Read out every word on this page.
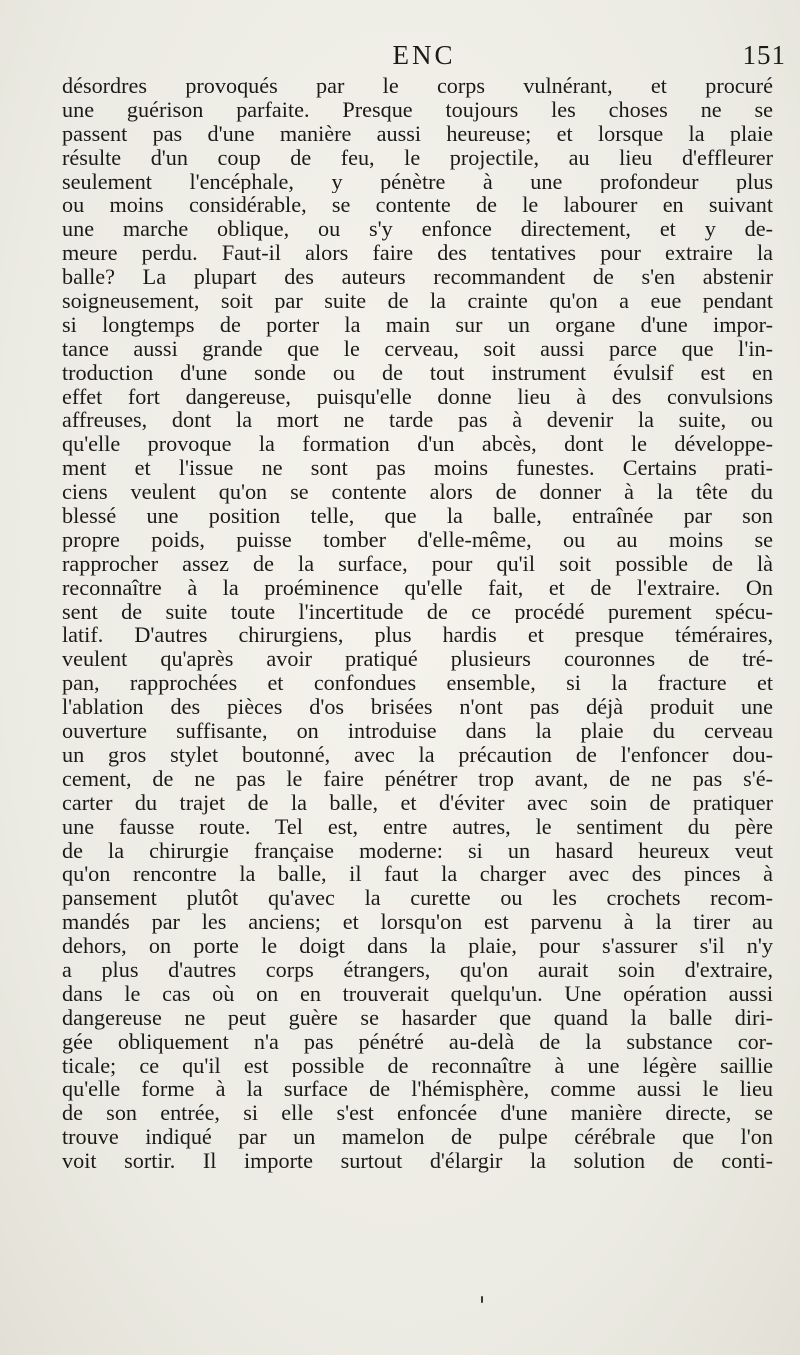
ENC	151
désordres provoqués par le corps vulnérant, et procuré
une guérison parfaite. Presque toujours les choses ne se
passent pas d'une manière aussi heureuse; et lorsque la plaie
résulte d'un coup de feu, le projectile, au lieu d'effleurer
seulement l'encéphale, y pénètre à une profondeur plus
ou moins considérable, se contente de le labourer en suivant
une marche oblique, ou s'y enfonce directement, et y de-
meure perdu. Faut-il alors faire des tentatives pour extraire la
balle? La plupart des auteurs recommandent de s'en abstenir
soigneusement, soit par suite de la crainte qu'on a eue pendant
si longtemps de porter la main sur un organe d'une impor-
tance aussi grande que le cerveau, soit aussi parce que l'in-
troduction d'une sonde ou de tout instrument évulsif est en
effet fort dangereuse, puisqu'elle donne lieu à des convulsions
affreuses, dont la mort ne tarde pas à devenir la suite, ou
qu'elle provoque la formation d'un abcès, dont le développe-
ment et l'issue ne sont pas moins funestes. Certains prati-
ciens veulent qu'on se contente alors de donner à la tête du
blessé une position telle, que la balle, entraînée par son
propre poids, puisse tomber d'elle-même, ou au moins se
rapprocher assez de la surface, pour qu'il soit possible de là
reconnaître à la proéminence qu'elle fait, et de l'extraire. On
sent de suite toute l'incertitude de ce procédé purement spécu-
latif. D'autres chirurgiens, plus hardis et presque téméraires,
veulent qu'après avoir pratiqué plusieurs couronnes de tré-
pan, rapprochées et confondues ensemble, si la fracture et
l'ablation des pièces d'os brisées n'ont pas déjà produit une
ouverture suffisante, on introduise dans la plaie du cerveau
un gros stylet boutonné, avec la précaution de l'enfoncer dou-
cement, de ne pas le faire pénétrer trop avant, de ne pas s'é-
carter du trajet de la balle, et d'éviter avec soin de pratiquer
une fausse route. Tel est, entre autres, le sentiment du père
de la chirurgie française moderne: si un hasard heureux veut
qu'on rencontre la balle, il faut la charger avec des pinces à
pansement plutôt qu'avec la curette ou les crochets recom-
mandés par les anciens; et lorsqu'on est parvenu à la tirer au
dehors, on porte le doigt dans la plaie, pour s'assurer s'il n'y
a plus d'autres corps étrangers, qu'on aurait soin d'extraire,
dans le cas où on en trouverait quelqu'un. Une opération aussi
dangereuse ne peut guère se hasarder que quand la balle diri-
gée obliquement n'a pas pénétré au-delà de la substance cor-
ticale; ce qu'il est possible de reconnaître à une légère saillie
qu'elle forme à la surface de l'hémisphère, comme aussi le lieu
de son entrée, si elle s'est enfoncée d'une manière directe, se
trouve indiqué par un mamelon de pulpe cérébrale que l'on
voit sortir. Il importe surtout d'élargir la solution de conti-
